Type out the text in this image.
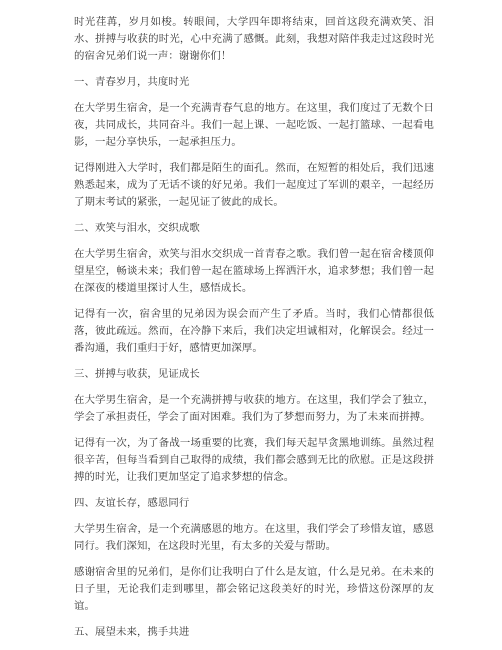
时光荏苒，岁月如梭。转眼间，大学四年即将结束，回首这段充满欢笑、泪水、拼搏与收获的时光，心中充满了感慨。此刻，我想对陪伴我走过这段时光的宿舍兄弟们说一声：谢谢你们！

一、青春岁月，共度时光

在大学男生宿舍，是一个充满青春气息的地方。在这里，我们度过了无数个日夜，共同成长，共同奋斗。我们一起上课、一起吃饭、一起打篮球、一起看电影，一起分享快乐，一起承担压力。

记得刚进入大学时，我们都是陌生的面孔。然而，在短暂的相处后，我们迅速熟悉起来，成为了无话不谈的好兄弟。我们一起度过了军训的艰辛，一起经历了期末考试的紧张，一起见证了彼此的成长。

二、欢笑与泪水，交织成歌

在大学男生宿舍，欢笑与泪水交织成一首青春之歌。我们曾一起在宿舍楼顶仰望星空，畅谈未来；我们曾一起在篮球场上挥洒汗水，追求梦想；我们曾一起在深夜的楼道里探讨人生，感悟成长。

记得有一次，宿舍里的兄弟因为误会而产生了矛盾。当时，我们心情都很低落，彼此疏远。然而，在冷静下来后，我们决定坦诚相对，化解误会。经过一番沟通，我们重归于好，感情更加深厚。

三、拼搏与收获，见证成长

在大学男生宿舍，是一个充满拼搏与收获的地方。在这里，我们学会了独立，学会了承担责任，学会了面对困难。我们为了梦想而努力，为了未来而拼搏。

记得有一次，为了备战一场重要的比赛，我们每天起早贪黑地训练。虽然过程很辛苦，但每当看到自己取得的成绩，我们都会感到无比的欣慰。正是这段拼搏的时光，让我们更加坚定了追求梦想的信念。

四、友谊长存，感恩同行

大学男生宿舍，是一个充满感恩的地方。在这里，我们学会了珍惜友谊，感恩同行。我们深知，在这段时光里，有太多的关爱与帮助。

感谢宿舍里的兄弟们，是你们让我明白了什么是友谊，什么是兄弟。在未来的日子里，无论我们走到哪里，都会铭记这段美好的时光，珍惜这份深厚的友谊。

五、展望未来，携手共进
